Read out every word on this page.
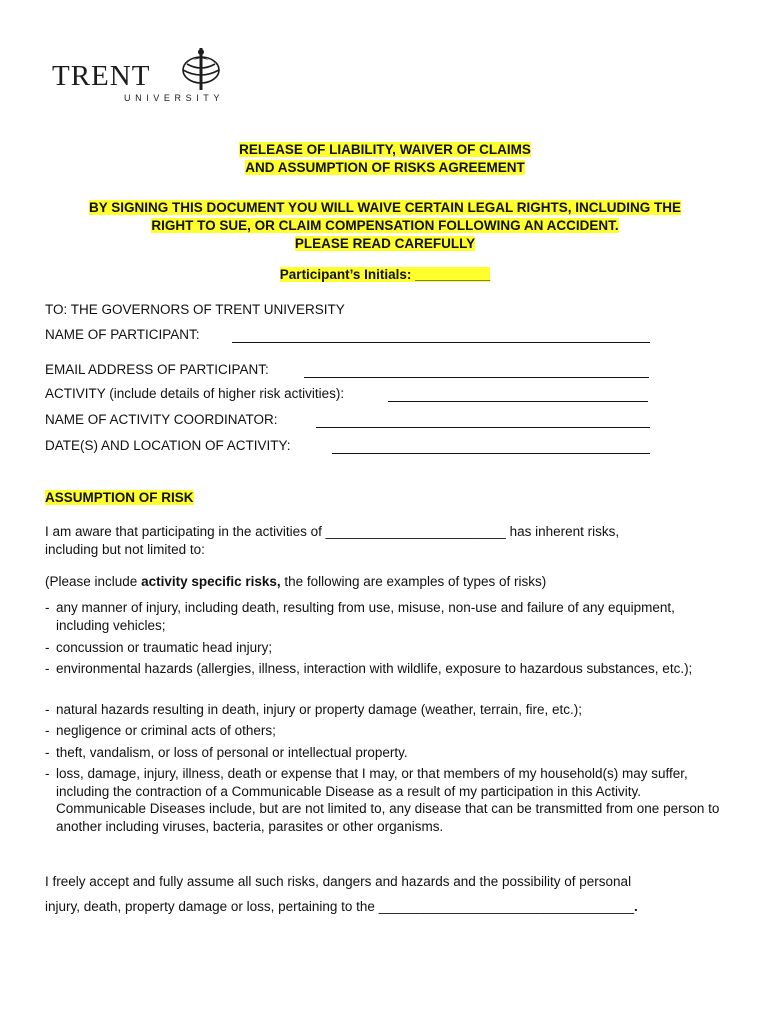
TRENT
UNIVERSITY
RELEASE OF LIABILITY, WAIVER OF CLAIMS
AND ASSUMPTION OF RISKS AGREEMENT
BY SIGNING THIS DOCUMENT YOU WILL WAIVE CERTAIN LEGAL RIGHTS, INCLUDING THE
RIGHT TO SUE, OR CLAIM COMPENSATION FOLLOWING AN ACCIDENT.
PLEASE READ CAREFULLY
Participant’s Initials: __________
TO: THE GOVERNORS OF TRENT UNIVERSITY
NAME OF PARTICIPANT:
EMAIL ADDRESS OF PARTICIPANT:
ACTIVITY (include details of higher risk activities):
NAME OF ACTIVITY COORDINATOR:
DATE(S) AND LOCATION OF ACTIVITY:
ASSUMPTION OF RISK
I am aware that participating in the activities of ________________________ has inherent risks,
including but not limited to:
(Please include activity specific risks, the following are examples of types of risks)
- any manner of injury, including death, resulting from use, misuse, non-use and failure of any equipment, including vehicles;
- concussion or traumatic head injury;
- environmental hazards (allergies, illness, interaction with wildlife, exposure to hazardous substances, etc.);
- natural hazards resulting in death, injury or property damage (weather, terrain, fire, etc.);
- negligence or criminal acts of others;
- theft, vandalism, or loss of personal or intellectual property.
- loss, damage, injury, illness, death or expense that I may, or that members of my household(s) may suffer, including the contraction of a Communicable Disease as a result of my participation in this Activity. Communicable Diseases include, but are not limited to, any disease that can be transmitted from one person to another including viruses, bacteria, parasites or other organisms.
I freely accept and fully assume all such risks, dangers and hazards and the possibility of personal
injury, death, property damage or loss, pertaining to the __________________________________.
